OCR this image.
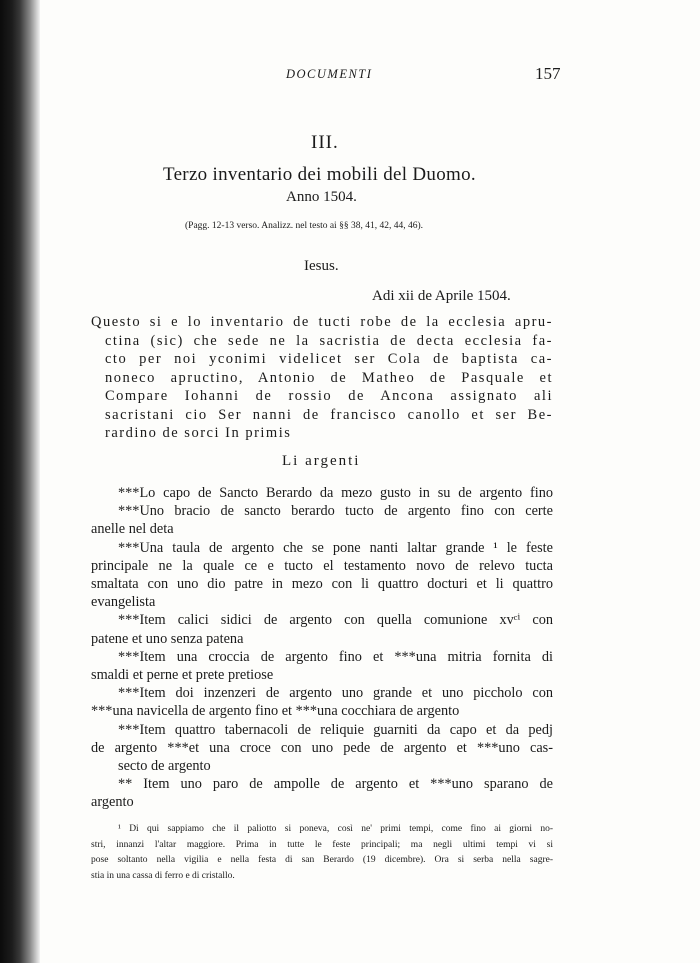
DOCUMENTI	157
III.
Terzo inventario dei mobili del Duomo.
Anno 1504.
(Pagg. 12-13 verso. Analizz. nel testo ai §§ 38, 41, 42, 44, 46).
Iesus.
Adi xii de Aprile 1504.
Questo si e lo inventario de tucti robe de la ecclesia apru-
ctina (sic) che sede ne la sacristia de decta ecclesia fa-
cto per noi yconimi videlicet ser Cola de baptista ca-
noneco apructino, Antonio de Matheo de Pasquale et
Compare Iohanni de rossio de Ancona assignato ali
sacristani cio Ser nanni de francisco canollo et ser Be-
rardino de sorci In primis
Li argenti
***Lo capo de Sancto Berardo da mezo gusto in su de argento fino
***Uno bracio de sancto berardo tucto de argento fino con certe
anelle nel deta
***Una taula de argento che se pone nanti laltar grande ¹ le feste
principale ne la quale ce e tucto el testamento novo de relevo tucta
smaltata con uno dio patre in mezo con li quattro docturi et li quattro
evangelista
***Item calici sidici de argento con quella comunione xvᶜⁱ con
patene et uno senza patena
***Item una croccia de argento fino et ***una mitria fornita di
smaldi et perne et prete pretiose
***Item doi inzenzeri de argento uno grande et uno piccholo con
***una navicella de argento fino et ***una cocchiara de argento
***Item quattro tabernacoli de reliquie guarniti da capo et da pedj
de argento ***et una croce con uno pede de argento et ***uno cas-
secto de argento
** Item uno paro de ampolle de argento et ***uno sparano de
argento
¹ Di qui sappiamo che il paliotto si poneva, così ne' primi tempi, come fino ai giorni no-
stri, innanzi l'altar maggiore. Prima in tutte le feste principali; ma negli ultimi tempi vi si
pose soltanto nella vigilia e nella festa di san Berardo (19 dicembre). Ora si serba nella sagre-
stia in una cassa di ferro e di cristallo.
